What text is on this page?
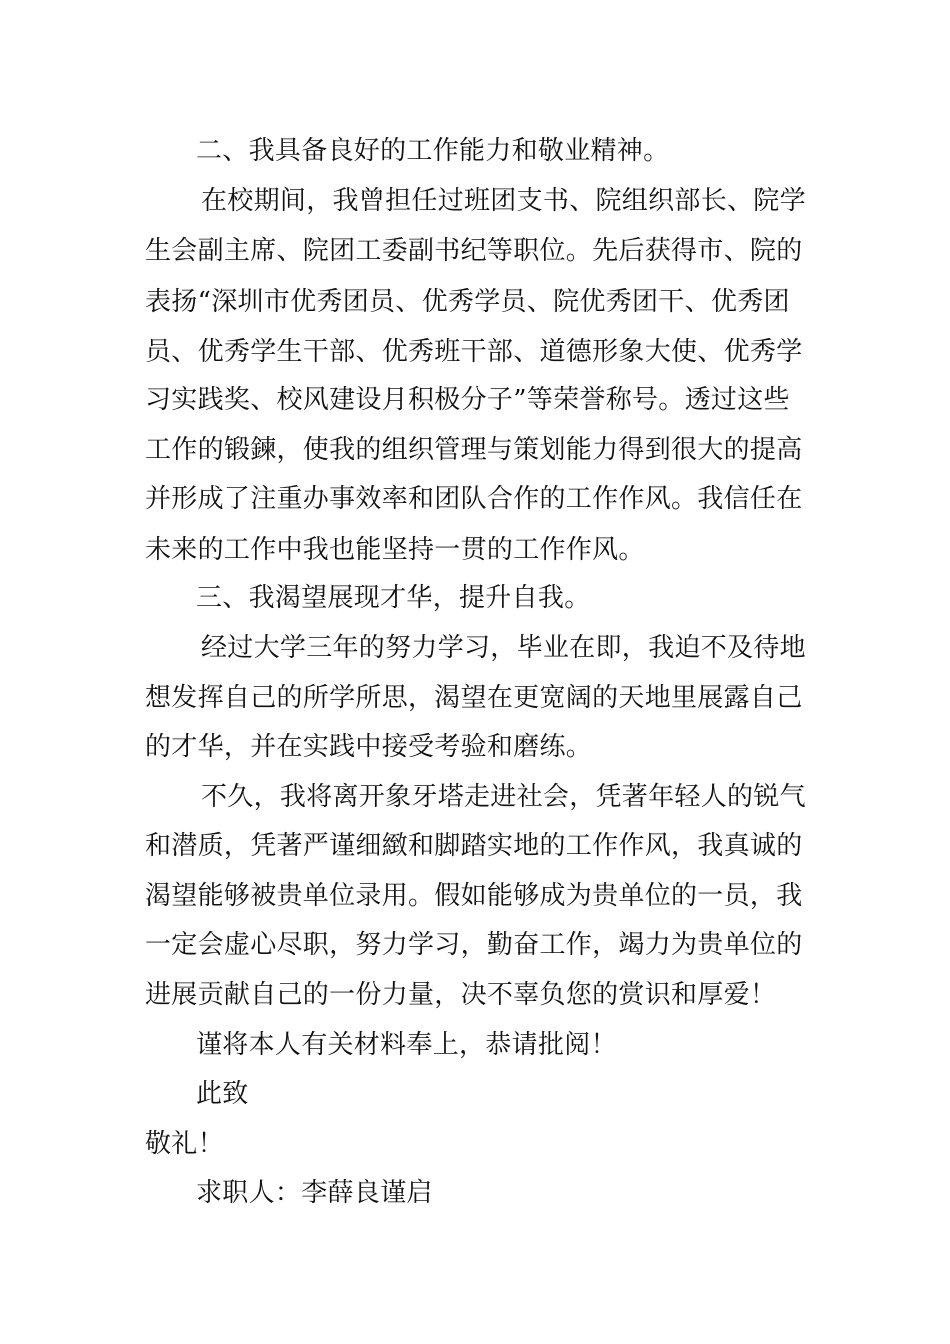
二、我具备良好的工作能力和敬业精神。
在校期间，我曾担任过班团支书、院组织部长、院学
生会副主席、院团工委副书纪等职位。先后获得市、院的
表扬“深圳市优秀团员、优秀学员、院优秀团干、优秀团
员、优秀学生干部、优秀班干部、道德形象大使、优秀学
习实践奖、校风建设月积极分子”等荣誉称号。透过这些
工作的锻鍊，使我的组织管理与策划能力得到很大的提高
并形成了注重办事效率和团队合作的工作作风。我信任在
未来的工作中我也能坚持一贯的工作作风。
三、我渴望展现才华，提升自我。
经过大学三年的努力学习，毕业在即，我迫不及待地
想发挥自己的所学所思，渴望在更宽阔的天地里展露自己
的才华，并在实践中接受考验和磨练。
不久，我将离开象牙塔走进社会，凭著年轻人的锐气
和潜质，凭著严谨细緻和脚踏实地的工作作风，我真诚的
渴望能够被贵单位录用。假如能够成为贵单位的一员，我
一定会虚心尽职，努力学习，勤奋工作，竭力为贵单位的
进展贡献自己的一份力量，决不辜负您的赏识和厚爱！
谨将本人有关材料奉上，恭请批阅！
此致
敬礼！
求职人：李薛良谨启
